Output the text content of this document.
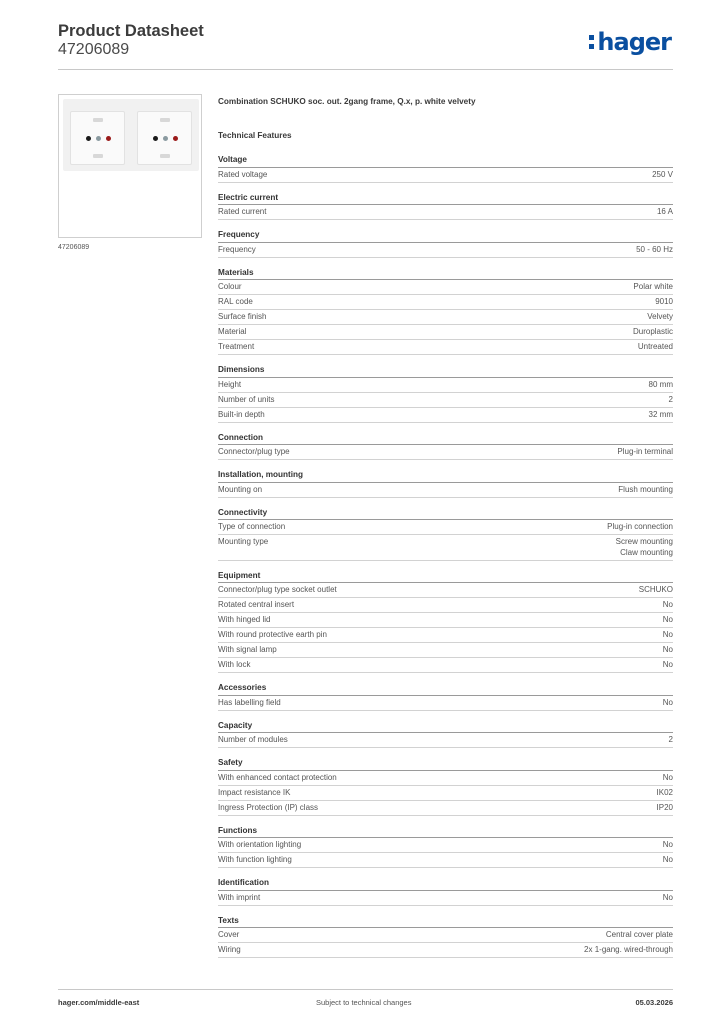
Product Datasheet
47206089	hager
47206089
Combination SCHUKO soc. out. 2gang frame, Q.x, p. white velvety
Technical Features
Voltage
Rated voltage	250 V
Electric current
Rated current	16 A
Frequency
Frequency	50 - 60 Hz
Materials
Colour	Polar white
RAL code	9010
Surface finish	Velvety
Material	Duroplastic
Treatment	Untreated
Dimensions
Height	80 mm
Number of units	2
Built-in depth	32 mm
Connection
Connector/plug type	Plug-in terminal
Installation, mounting
Mounting on	Flush mounting
Connectivity
Type of connection	Plug-in connection
Mounting type	Screw mounting
Claw mounting
Equipment
Connector/plug type socket outlet	SCHUKO
Rotated central insert	No
With hinged lid	No
With round protective earth pin	No
With signal lamp	No
With lock	No
Accessories
Has labelling field	No
Capacity
Number of modules	2
Safety
With enhanced contact protection	No
Impact resistance IK	IK02
Ingress Protection (IP) class	IP20
Functions
With orientation lighting	No
With function lighting	No
Identification
With imprint	No
Texts
Cover	Central cover plate
Wiring	2x 1-gang. wired-through
hager.com/middle-east	Subject to technical changes	05.03.2026
